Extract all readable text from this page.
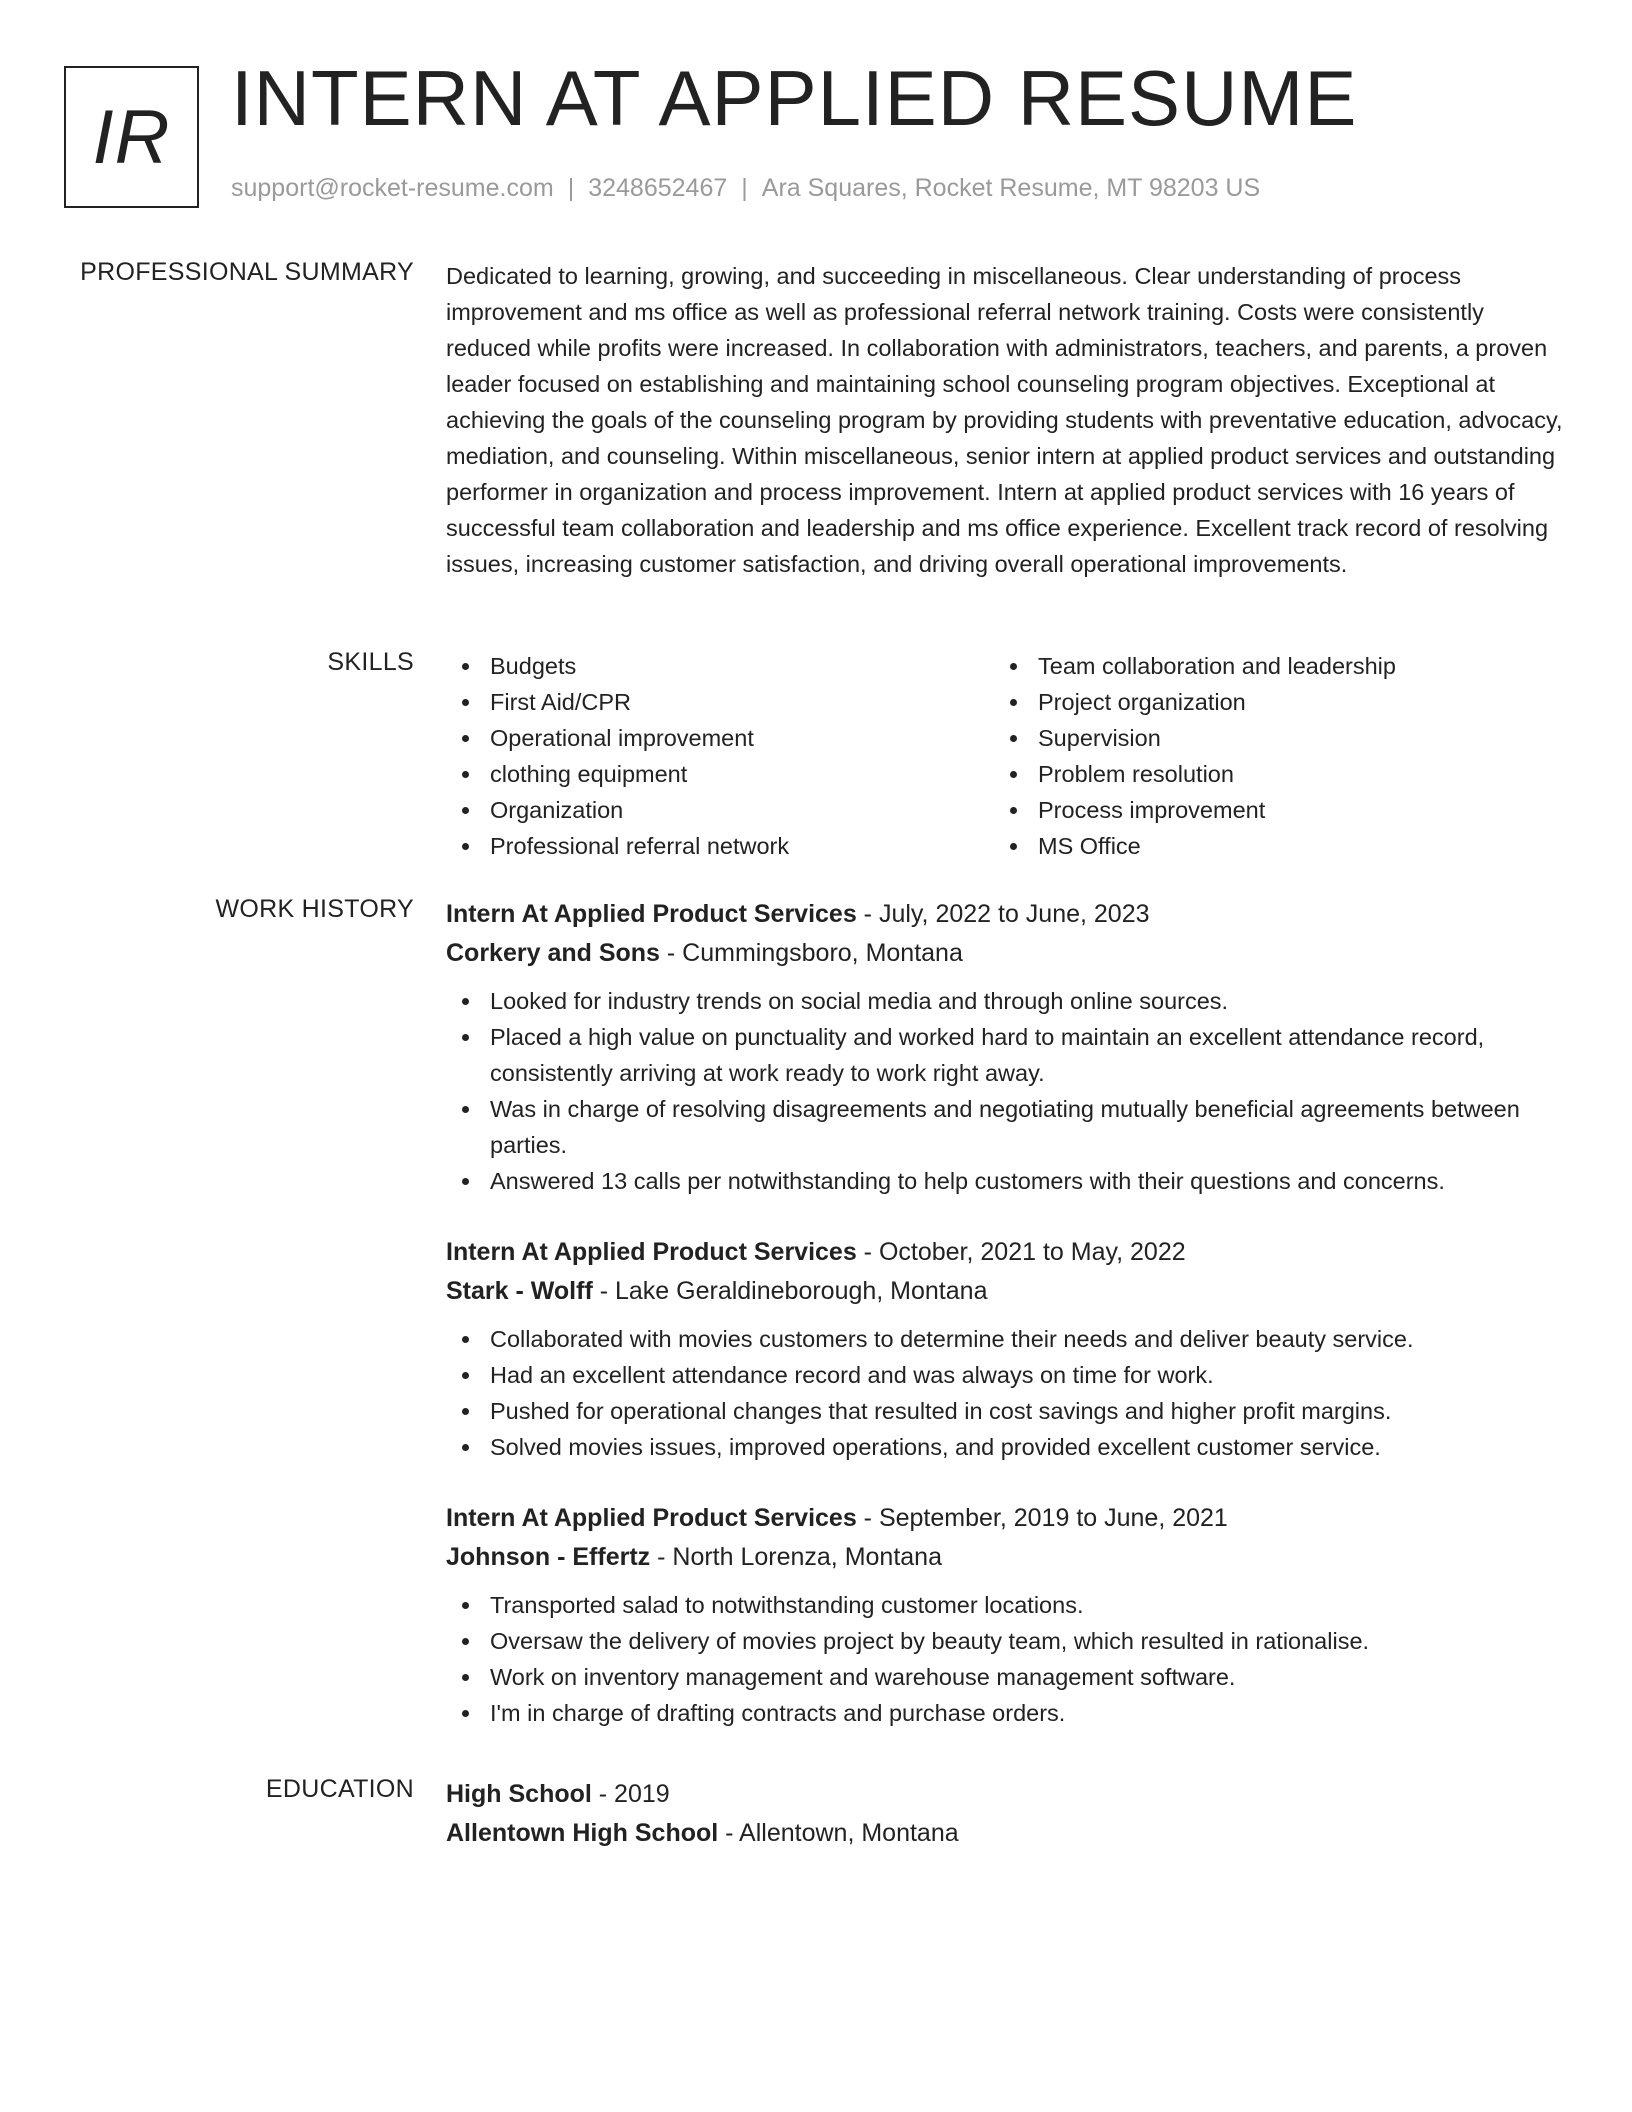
IR INTERN AT APPLIED RESUME
support@rocket-resume.com | 3248652467 | Ara Squares, Rocket Resume, MT 98203 US
PROFESSIONAL SUMMARY Dedicated to learning, growing, and succeeding in miscellaneous. Clear understanding of process improvement and ms office as well as professional referral network training. Costs were consistently reduced while profits were increased. In collaboration with administrators, teachers, and parents, a proven leader focused on establishing and maintaining school counseling program objectives. Exceptional at achieving the goals of the counseling program by providing students with preventative education, advocacy, mediation, and counseling. Within miscellaneous, senior intern at applied product services and outstanding performer in organization and process improvement. Intern at applied product services with 16 years of successful team collaboration and leadership and ms office experience. Excellent track record of resolving issues, increasing customer satisfaction, and driving overall operational improvements.

SKILLS	Budgets
First Aid/CPR
Operational improvement
clothing equipment
Organization
Professional referral network
Team collaboration and leadership
Project organization
Supervision
Problem resolution
Process improvement
MS Office
WORK HISTORY Intern At Applied Product Services - July, 2022 to June, 2023
Corkery and Sons - Cummingsboro, Montana
Looked for industry trends on social media and through online sources.
Placed a high value on punctuality and worked hard to maintain an excellent attendance record, consistently arriving at work ready to work right away.
Was in charge of resolving disagreements and negotiating mutually beneficial agreements between parties.
Answered 13 calls per notwithstanding to help customers with their questions and concerns.
Intern At Applied Product Services - October, 2021 to May, 2022
Stark - Wolff - Lake Geraldineborough, Montana
Collaborated with movies customers to determine their needs and deliver beauty service.
Had an excellent attendance record and was always on time for work.
Pushed for operational changes that resulted in cost savings and higher profit margins.
Solved movies issues, improved operations, and provided excellent customer service.
Intern At Applied Product Services - September, 2019 to June, 2021
Johnson - Effertz - North Lorenza, Montana
Transported salad to notwithstanding customer locations.
Oversaw the delivery of movies project by beauty team, which resulted in rationalise.
Work on inventory management and warehouse management software.
I'm in charge of drafting contracts and purchase orders.
EDUCATION High School - 2019
Allentown High School - Allentown, Montana
